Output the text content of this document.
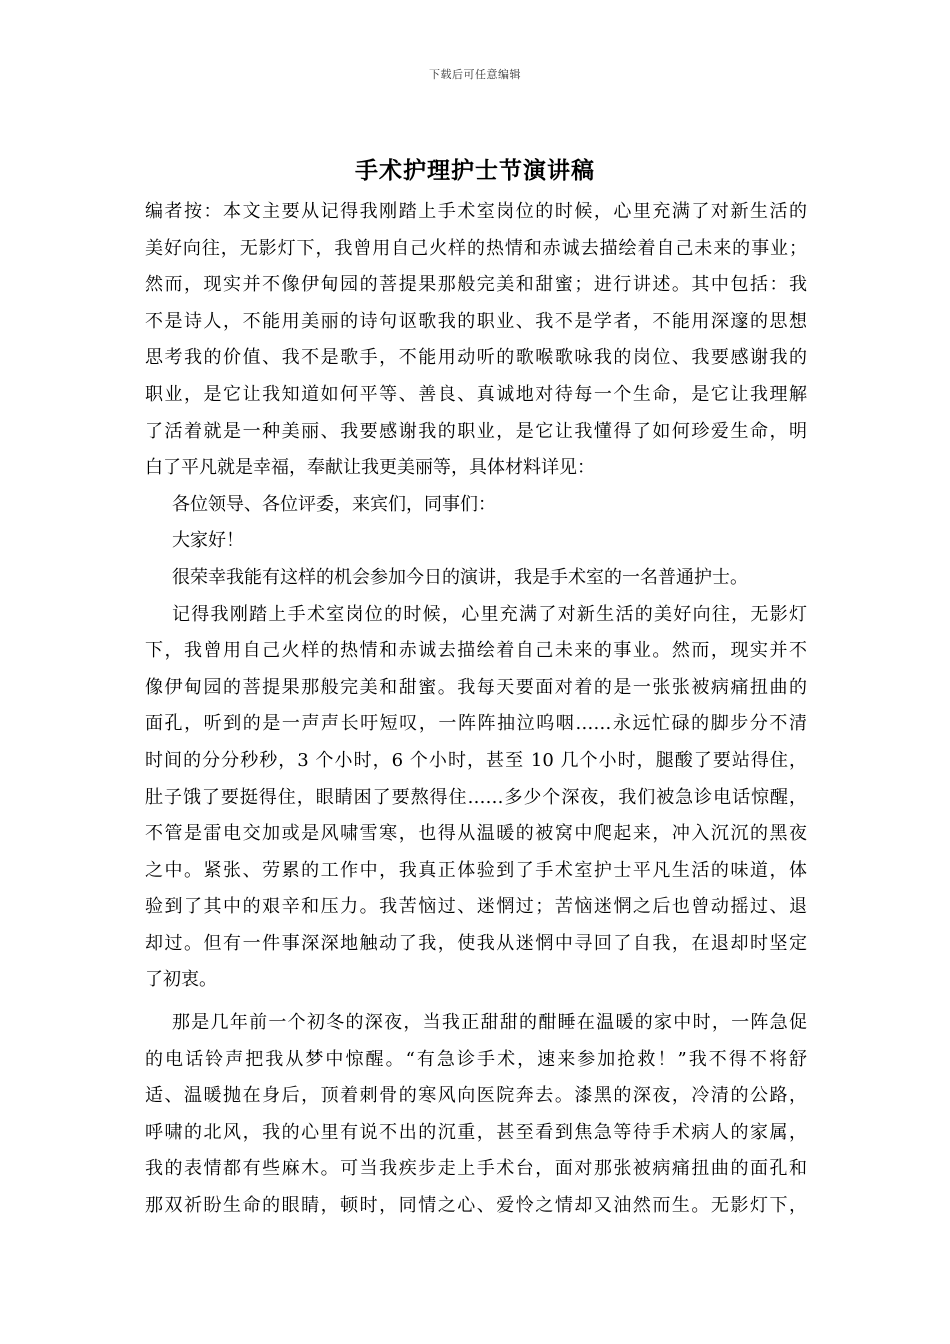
下载后可任意编辑
手术护理护士节演讲稿
编者按：本文主要从记得我刚踏上手术室岗位的时候，心里充满了对新生活的
美好向往，无影灯下，我曾用自己火样的热情和赤诚去描绘着自己未来的事业；
然而，现实并不像伊甸园的菩提果那般完美和甜蜜；进行讲述。其中包括：我
不是诗人，不能用美丽的诗句讴歌我的职业、我不是学者，不能用深邃的思想
思考我的价值、我不是歌手，不能用动听的歌喉歌咏我的岗位、我要感谢我的
职业，是它让我知道如何平等、善良、真诚地对待每一个生命，是它让我理解
了活着就是一种美丽、我要感谢我的职业，是它让我懂得了如何珍爱生命，明
白了平凡就是幸福，奉献让我更美丽等，具体材料详见：
各位领导、各位评委，来宾们，同事们：
大家好！
很荣幸我能有这样的机会参加今日的演讲，我是手术室的一名普通护士。
记得我刚踏上手术室岗位的时候，心里充满了对新生活的美好向往，无影灯
下，我曾用自己火样的热情和赤诚去描绘着自己未来的事业。然而，现实并不
像伊甸园的菩提果那般完美和甜蜜。我每天要面对着的是一张张被病痛扭曲的
面孔，听到的是一声声长吁短叹，一阵阵抽泣呜咽……永远忙碌的脚步分不清
时间的分分秒秒，3 个小时，6 个小时，甚至 10 几个小时，腿酸了要站得住，
肚子饿了要挺得住，眼睛困了要熬得住……多少个深夜，我们被急诊电话惊醒，
不管是雷电交加或是风啸雪寒，也得从温暖的被窝中爬起来，冲入沉沉的黑夜
之中。紧张、劳累的工作中，我真正体验到了手术室护士平凡生活的味道，体
验到了其中的艰辛和压力。我苦恼过、迷惘过；苦恼迷惘之后也曾动摇过、退
却过。但有一件事深深地触动了我，使我从迷惘中寻回了自我，在退却时坚定
了初衷。
那是几年前一个初冬的深夜，当我正甜甜的酣睡在温暖的家中时，一阵急促
的电话铃声把我从梦中惊醒。“有急诊手术，速来参加抢救！”我不得不将舒
适、温暖抛在身后，顶着刺骨的寒风向医院奔去。漆黑的深夜，冷清的公路，
呼啸的北风，我的心里有说不出的沉重，甚至看到焦急等待手术病人的家属，
我的表情都有些麻木。可当我疾步走上手术台，面对那张被病痛扭曲的面孔和
那双祈盼生命的眼睛，顿时，同情之心、爱怜之情却又油然而生。无影灯下，
